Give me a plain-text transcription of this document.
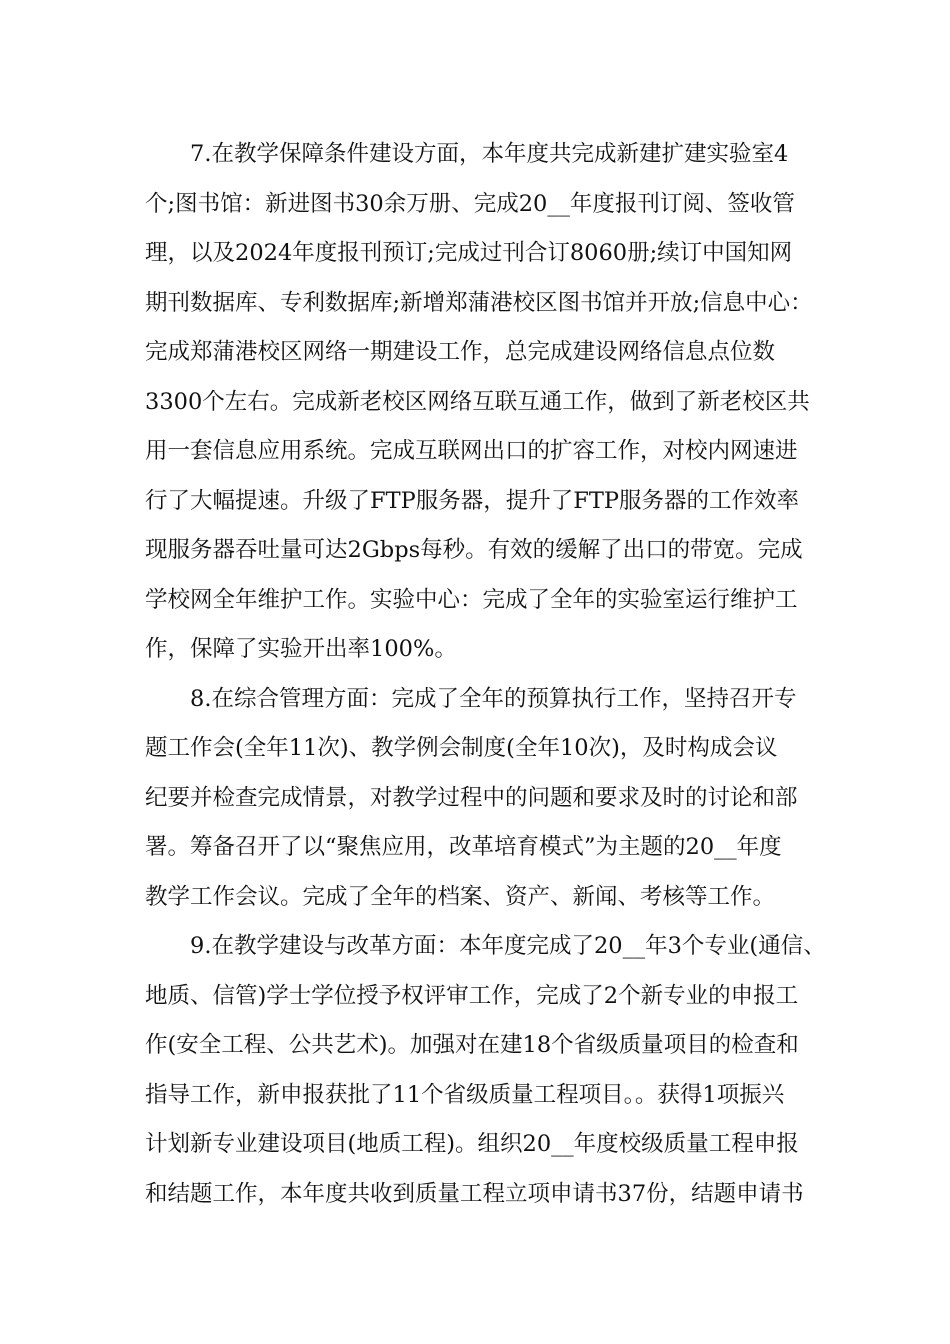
7.在教学保障条件建设方面，本年度共完成新建扩建实验室4
个;图书馆：新进图书30余万册、完成20__年度报刊订阅、签收管
理，以及2024年度报刊预订;完成过刊合订8060册;续订中国知网
期刊数据库、专利数据库;新增郑蒲港校区图书馆并开放;信息中心：
完成郑蒲港校区网络一期建设工作，总完成建设网络信息点位数
3300个左右。完成新老校区网络互联互通工作，做到了新老校区共
用一套信息应用系统。完成互联网出口的扩容工作，对校内网速进
行了大幅提速。升级了FTP服务器，提升了FTP服务器的工作效率
现服务器吞吐量可达2Gbps每秒。有效的缓解了出口的带宽。完成
学校网全年维护工作。实验中心：完成了全年的实验室运行维护工
作，保障了实验开出率100%。
8.在综合管理方面：完成了全年的预算执行工作，坚持召开专
题工作会(全年11次)、教学例会制度(全年10次)，及时构成会议
纪要并检查完成情景，对教学过程中的问题和要求及时的讨论和部
署。筹备召开了以“聚焦应用，改革培育模式”为主题的20__年度
教学工作会议。完成了全年的档案、资产、新闻、考核等工作。
9.在教学建设与改革方面：本年度完成了20__年3个专业(通信、
地质、信管)学士学位授予权评审工作，完成了2个新专业的申报工
作(安全工程、公共艺术)。加强对在建18个省级质量项目的检查和
指导工作，新申报获批了11个省级质量工程项目。。获得1项振兴
计划新专业建设项目(地质工程)。组织20__年度校级质量工程申报
和结题工作，本年度共收到质量工程立项申请书37份，结题申请书
